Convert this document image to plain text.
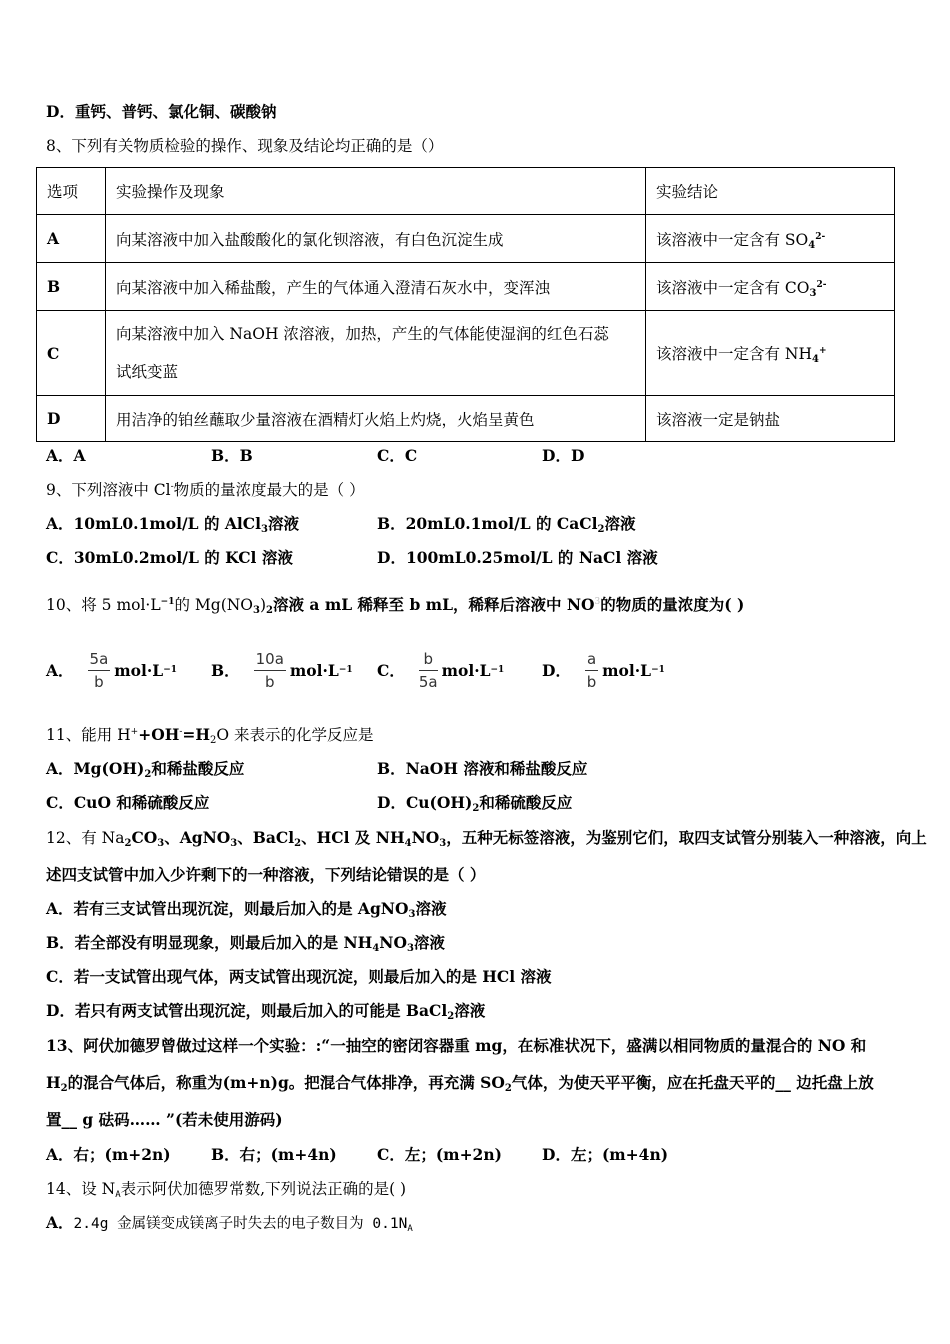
D．重钙、普钙、氯化铜、碳酸钠
8、下列有关物质检验的操作、现象及结论均正确的是（）
选项	实验操作及现象	实验结论
A	向某溶液中加入盐酸酸化的氯化钡溶液，有白色沉淀生成	该溶液中一定含有 $SO_4^{2-}$
B	向某溶液中加入稀盐酸，产生的气体通入澄清石灰水中，变浑浊	该溶液中一定含有 $CO_3^{2-}$
C	向某溶液中加入 NaOH 浓溶液，加热，产生的气体能使湿润的红色石蕊
试纸变蓝	该溶液中一定含有 $NH_4^+$
D	用洁净的铂丝蘸取少量溶液在酒精灯火焰上灼烧，火焰呈黄色	该溶液一定是钠盐
A．A	B．B	C．C	D．D
9、下列溶液中 Cl-物质的量浓度最大的是（ ）
A．10mL0.1mol/L 的 AlCl$_3$溶液	B．20mL0.1mol/L 的 CaCl$_2$溶液
C．30mL0.2mol/L 的 KCl 溶液	D．100mL0.25mol/L 的 NaCl 溶液
10、将 5 $mol\cdot L^{-1}$的 $Mg(NO_3)_2$溶液 a mL 稀释至 b mL，稀释后溶液中 $NO^3$的物质的量浓度为( )
A． $\frac{5a}{b} mol\cdot L -1$ B． $\frac{10a}{b} mol\cdot L -1$ C． $\frac{b}{5a} mol\cdot L -1$ D． $\frac{a}{b} mol\cdot L -1$
11、能用 $H^++OH^-=H_2O$ 来表示的化学反应是
A．$Mg(OH)_2$和稀盐酸反应	B．NaOH 溶液和稀盐酸反应
C．CuO 和稀硫酸反应	D．$Cu(OH)_2$和稀硫酸反应
12、有 $Na_2CO_3$、AgNO$_3$、BaCl$_2$、HCl 及 $NH_4NO_3$，五种无标签溶液，为鉴别它们，取四支试管分别装入一种溶液，向上
述四支试管中加入少许剩下的一种溶液，下列结论错误的是（ ）
A．若有三支试管出现沉淀，则最后加入的是 AgNO$_3$溶液
B．若全部没有明显现象，则最后加入的是 $NH_4NO_3$溶液
C．若一支试管出现气体，两支试管出现沉淀，则最后加入的是 HCl 溶液
D．若只有两支试管出现沉淀，则最后加入的可能是 BaCl$_2$溶液
13、阿伏加德罗曾做过这样一个实验：:“一抽空的密闭容器重 mg，在标准状况下，盛满以相同物质的量混合的 NO 和
$H_2$的混合气体后，称重为(m+n)g。把混合气体排净，再充满 $SO_2$气体，为使天平平衡，应在托盘天平的__ 边托盘上放
置__ g 砝码…… ”(若未使用游码)
A．右；(m+2n)	B．右；(m+4n)	C．左；(m+2n)	D．左；(m+4n)
14、设 $N_A$表示阿伏加德罗常数,下列说法正确的是( )
A．2.4g 金属镁变成镁离子时失去的电子数目为 $0.1N_A$
